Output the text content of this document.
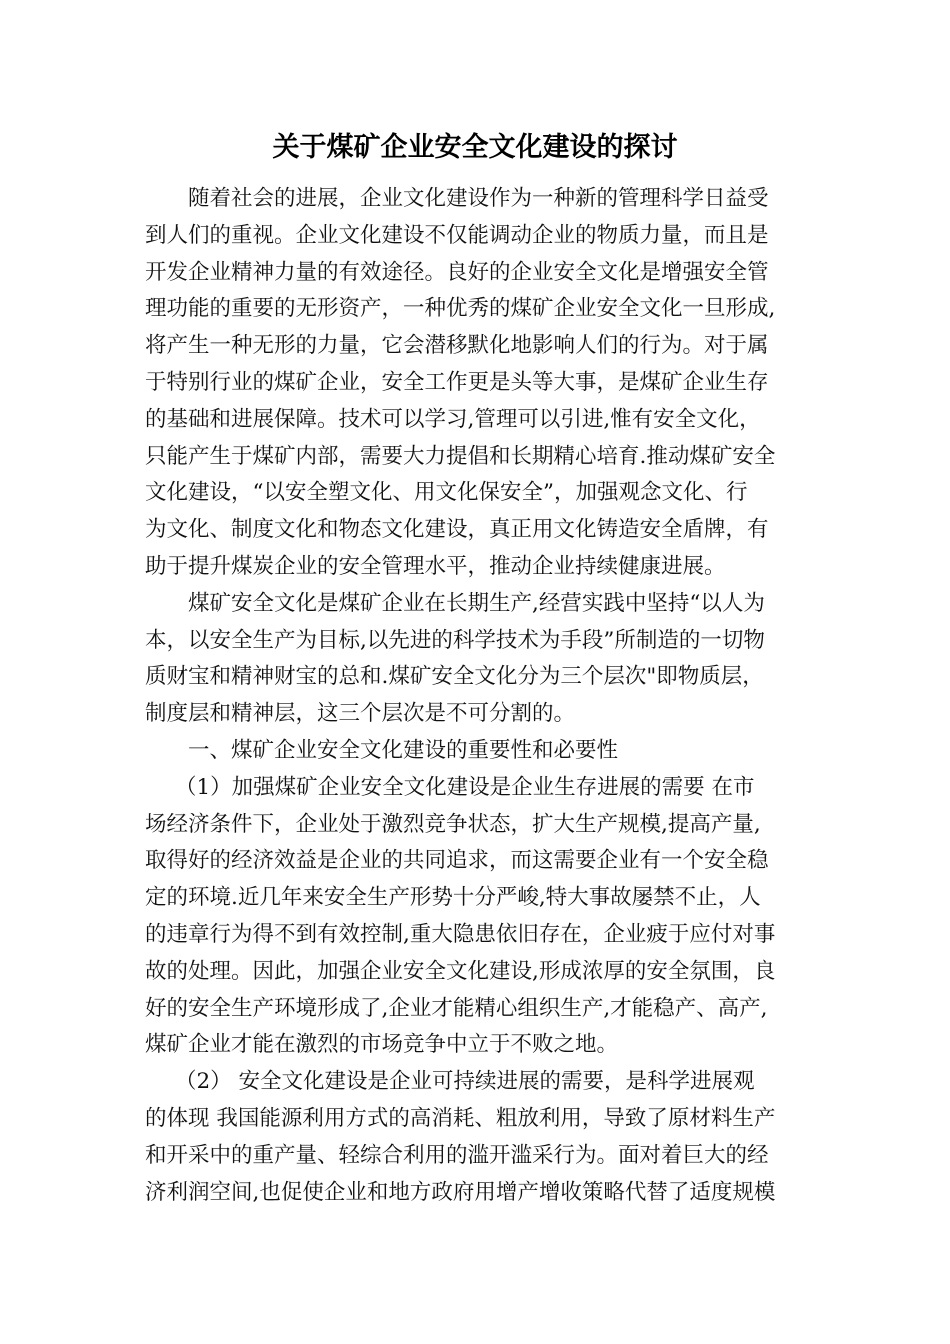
关于煤矿企业安全文化建设的探讨
随着社会的进展，企业文化建设作为一种新的管理科学日益受
到人们的重视。企业文化建设不仅能调动企业的物质力量，而且是
开发企业精神力量的有效途径。良好的企业安全文化是增强安全管
理功能的重要的无形资产，一种优秀的煤矿企业安全文化一旦形成,
将产生一种无形的力量，它会潜移默化地影响人们的行为。对于属
于特别行业的煤矿企业，安全工作更是头等大事，是煤矿企业生存
的基础和进展保障。技术可以学习,管理可以引进,惟有安全文化，
只能产生于煤矿内部，需要大力提倡和长期精心培育.推动煤矿安全
文化建设，“以安全塑文化、用文化保安全”，加强观念文化、行
为文化、制度文化和物态文化建设，真正用文化铸造安全盾牌，有
助于提升煤炭企业的安全管理水平，推动企业持续健康进展。
煤矿安全文化是煤矿企业在长期生产,经营实践中坚持“以人为
本，以安全生产为目标,以先进的科学技术为手段”所制造的一切物
质财宝和精神财宝的总和.煤矿安全文化分为三个层次"即物质层，
制度层和精神层，这三个层次是不可分割的。
一、煤矿企业安全文化建设的重要性和必要性
（1）加强煤矿企业安全文化建设是企业生存进展的需要 在市
场经济条件下，企业处于激烈竞争状态，扩大生产规模,提高产量,
取得好的经济效益是企业的共同追求，而这需要企业有一个安全稳
定的环境.近几年来安全生产形势十分严峻,特大事故屡禁不止，人
的违章行为得不到有效控制,重大隐患依旧存在，企业疲于应付对事
故的处理。因此，加强企业安全文化建设,形成浓厚的安全氛围，良
好的安全生产环境形成了,企业才能精心组织生产,才能稳产、高产,
煤矿企业才能在激烈的市场竞争中立于不败之地。
（2） 安全文化建设是企业可持续进展的需要，是科学进展观
的体现 我国能源利用方式的高消耗、粗放利用，导致了原材料生产
和开采中的重产量、轻综合利用的滥开滥采行为。面对着巨大的经
济利润空间,也促使企业和地方政府用增产增收策略代替了适度规模
